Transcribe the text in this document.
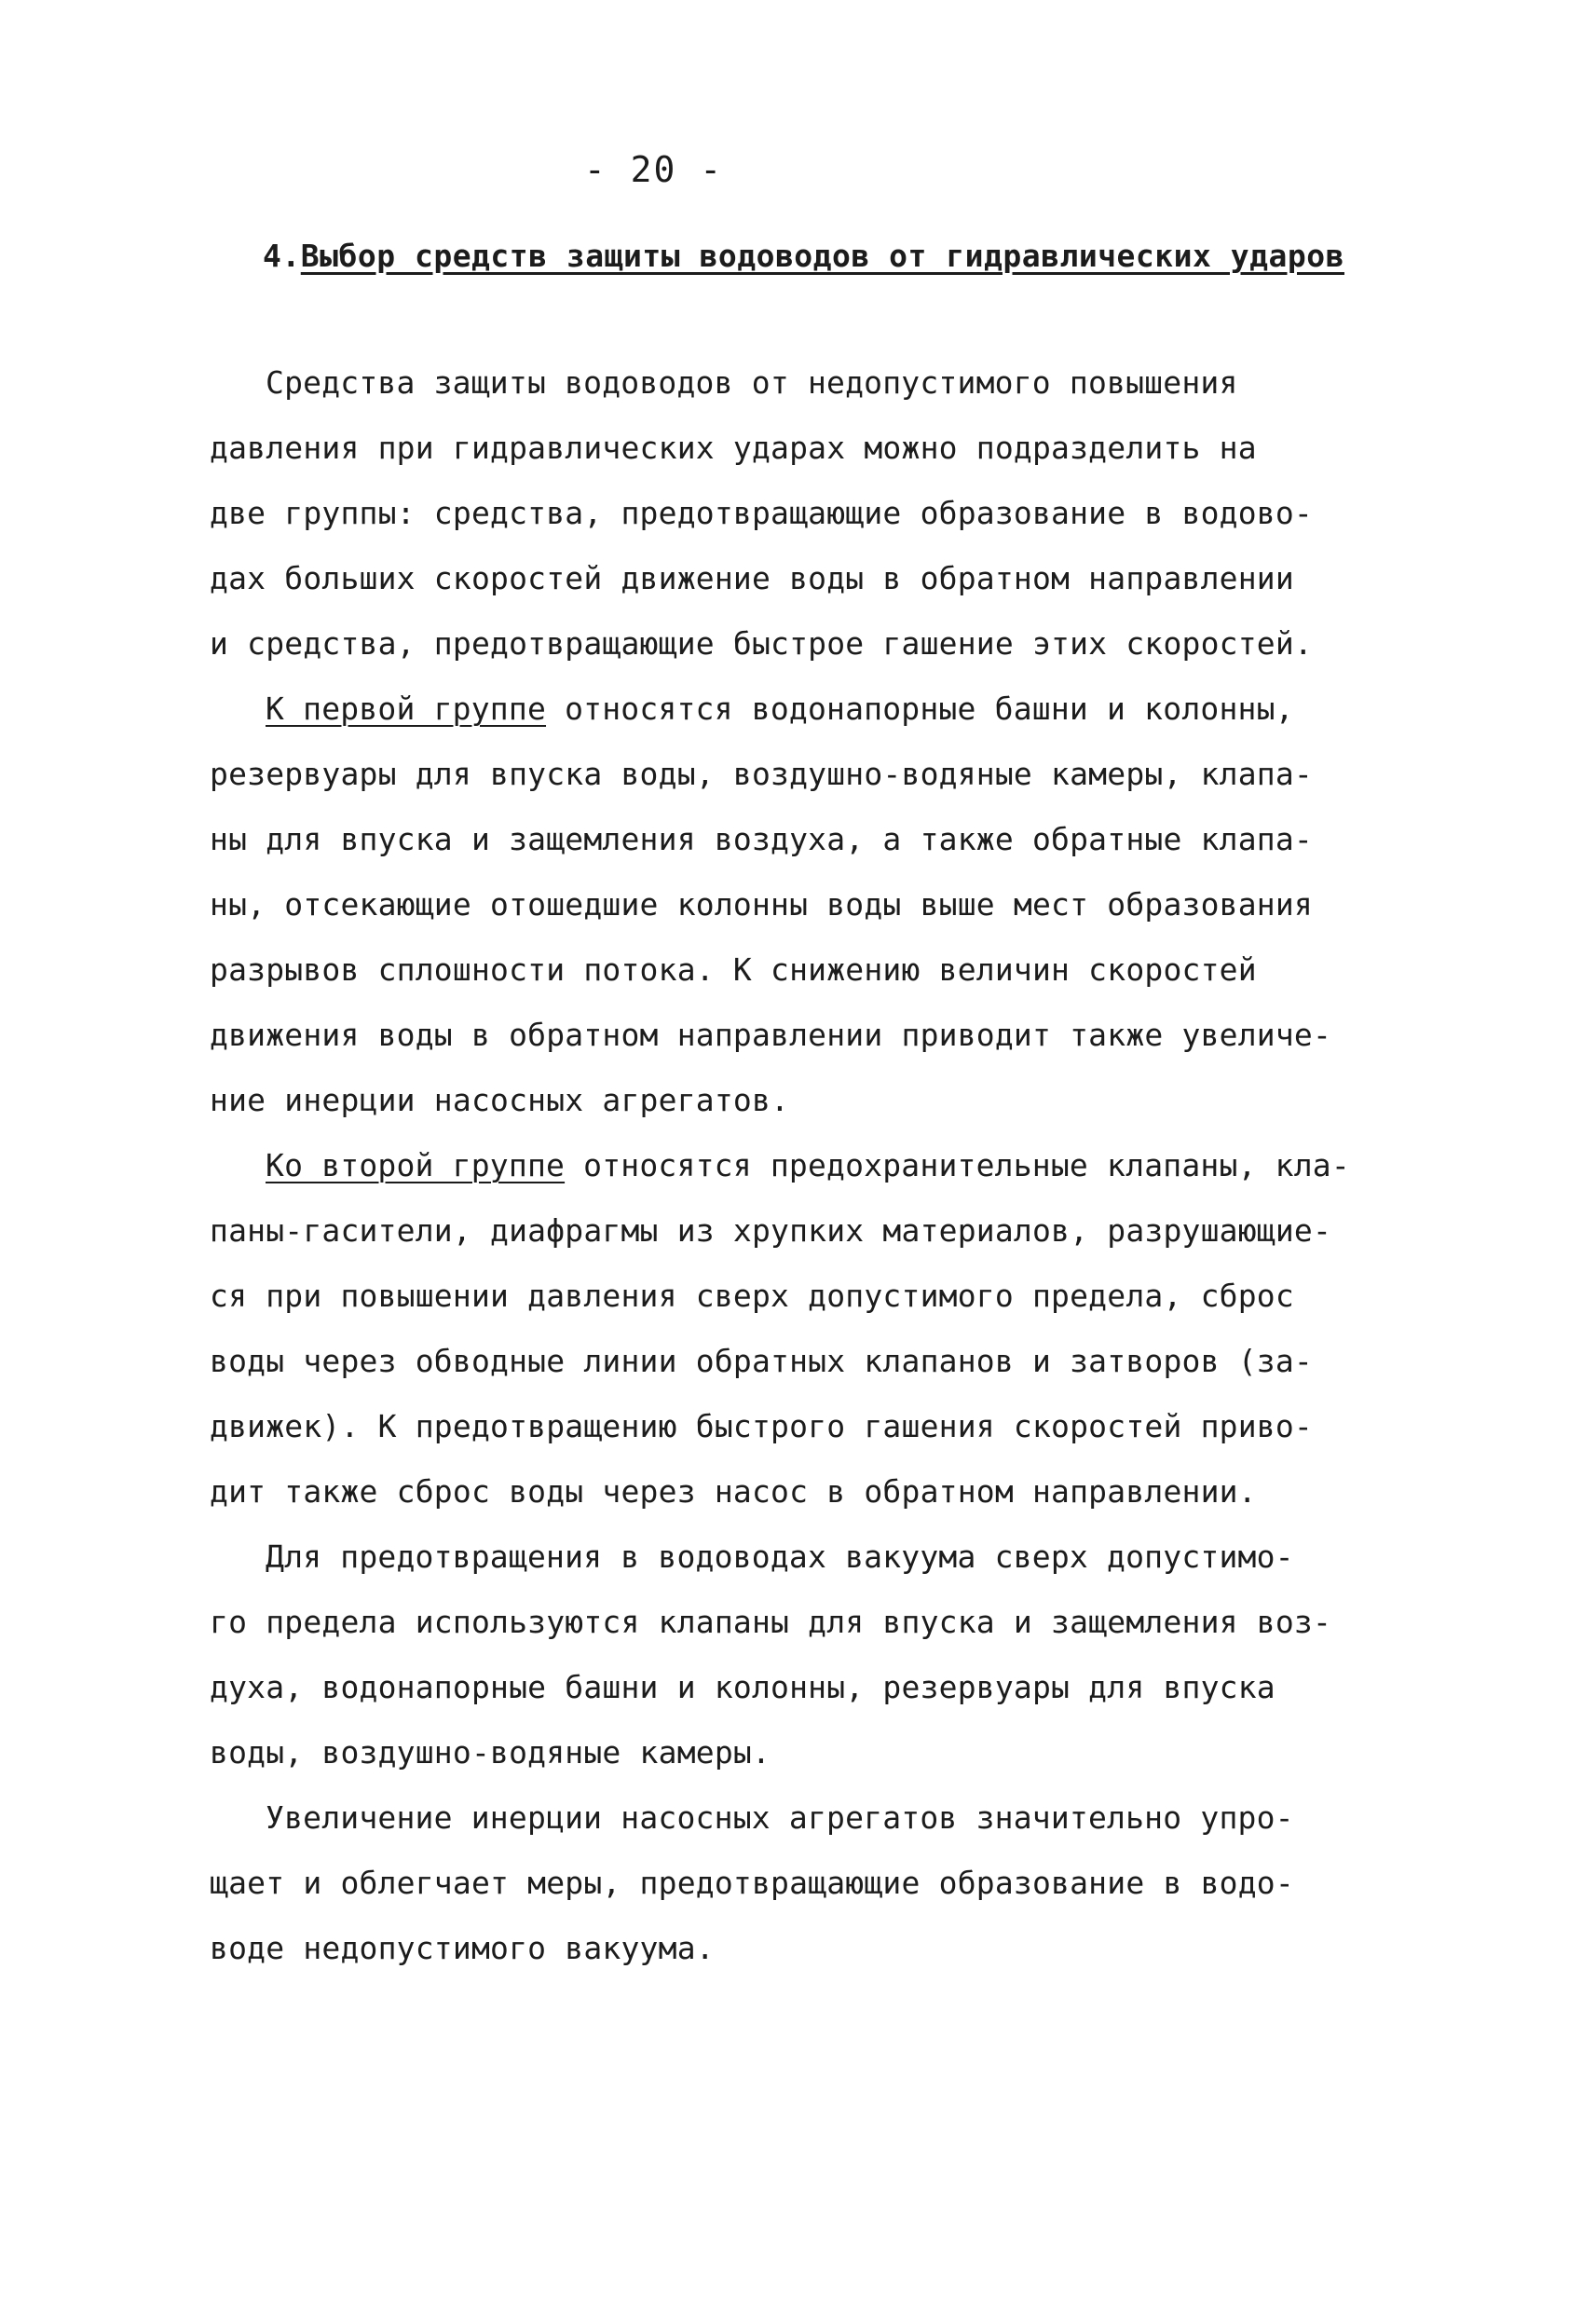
- 20 -
4.Выбор средств защиты водоводов от гидравлических ударов
Средства защиты водоводов от недопустимого повышения
давления при гидравлических ударах можно подразделить на
две группы: средства, предотвращающие образование в водово-
дах больших скоростей движение воды в обратном направлении
и средства, предотвращающие быстрое гашение этих скоростей.
К первой группе относятся водонапорные башни и колонны,
резервуары для впуска воды, воздушно-водяные камеры, клапа-
ны для впуска и защемления воздуха, а также обратные клапа-
ны, отсекающие отошедшие колонны воды выше мест образования
разрывов сплошности потока. К снижению величин скоростей
движения воды в обратном направлении приводит также увеличе-
ние инерции насосных агрегатов.
Ко второй группе относятся предохранительные клапаны, кла-
паны-гасители, диафрагмы из хрупких материалов, разрушающие-
ся при повышении давления сверх допустимого предела, сброс
воды через обводные линии обратных клапанов и затворов (за-
движек). К предотвращению быстрого гашения скоростей приво-
дит также сброс воды через насос в обратном направлении.
Для предотвращения в водоводах вакуума сверх допустимо-
го предела используются клапаны для впуска и защемления воз-
духа, водонапорные башни и колонны, резервуары для впуска
воды, воздушно-водяные камеры.
Увеличение инерции насосных агрегатов значительно упро-
щает и облегчает меры, предотвращающие образование в водо-
воде недопустимого вакуума.
